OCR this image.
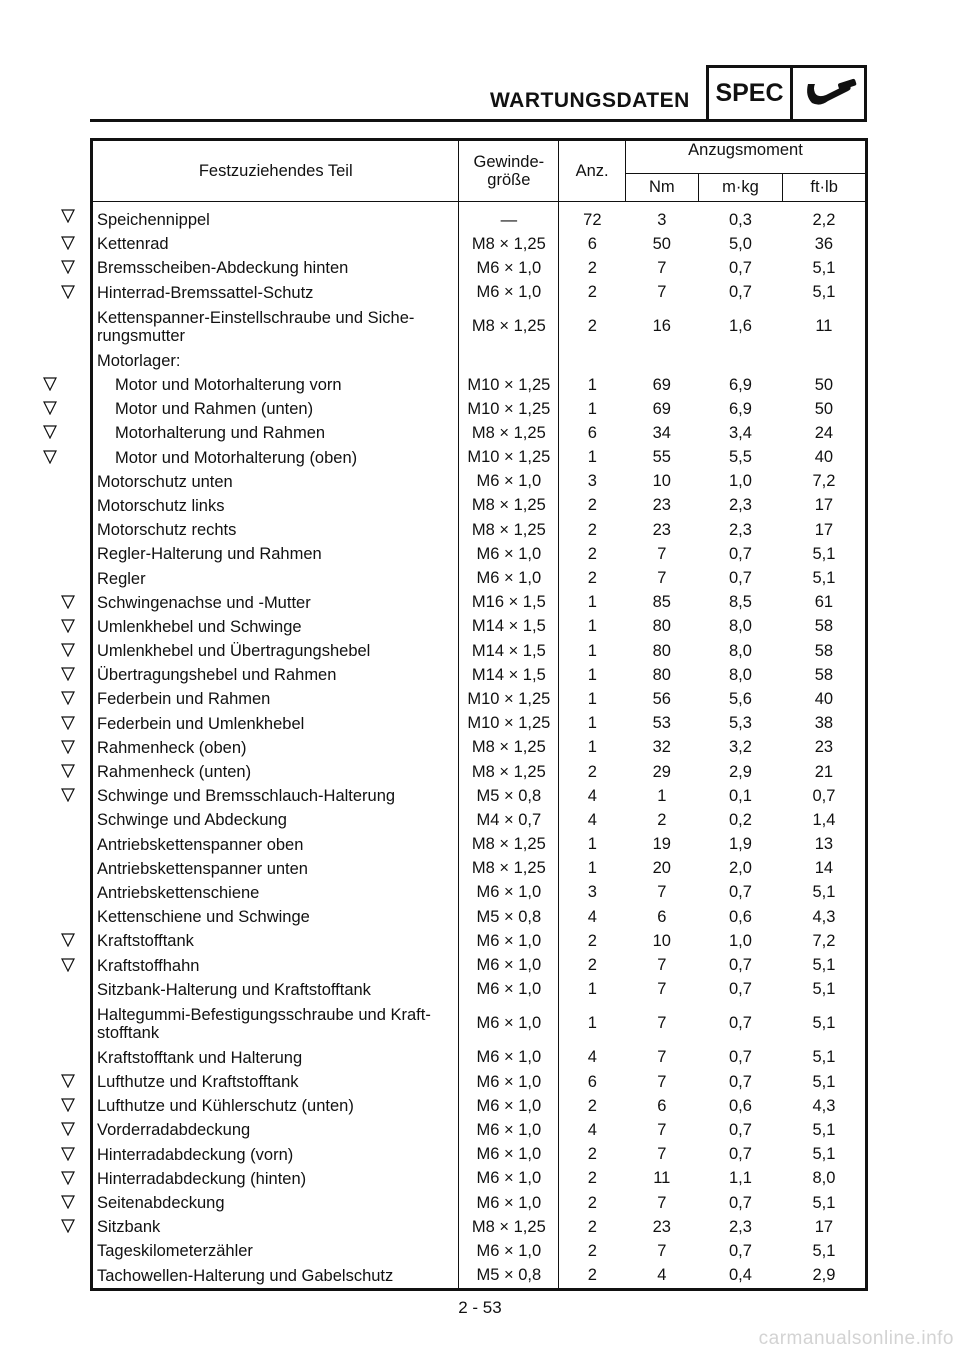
WARTUNGSDATEN SPEC
Festzuziehendes Teil	Gewinde-
größe	Anz.	Anzugsmoment		
			Nm	m·kg	ft·lb

Speichennippel	—	72	3	0,3	2,2

Kettenrad	M8 × 1,25	6	50	5,0	36

Bremsscheiben-Abdeckung hinten	M6 × 1,0	2	7	0,7	5,1

Hinterrad-Bremssattel-Schutz	M6 × 1,0	2	7	0,7	5,1
Kettenspanner-Einstellschraube und Siche-
rungsmutter	M8 × 1,25	2	16	1,6	11
Motorlager:					

Motor und Motorhalterung vorn	M10 × 1,25	1	69	6,9	50

Motor und Rahmen (unten)	M10 × 1,25	1	69	6,9	50

Motorhalterung und Rahmen	M8 × 1,25	6	34	3,4	24

Motor und Motorhalterung (oben)	M10 × 1,25	1	55	5,5	40
Motorschutz unten	M6 × 1,0	3	10	1,0	7,2
Motorschutz links	M8 × 1,25	2	23	2,3	17
Motorschutz rechts	M8 × 1,25	2	23	2,3	17
Regler-Halterung und Rahmen	M6 × 1,0	2	7	0,7	5,1
Regler	M6 × 1,0	2	7	0,7	5,1

Schwingenachse und -Mutter	M16 × 1,5	1	85	8,5	61

Umlenkhebel und Schwinge	M14 × 1,5	1	80	8,0	58

Umlenkhebel und Übertragungshebel	M14 × 1,5	1	80	8,0	58

Übertragungshebel und Rahmen	M14 × 1,5	1	80	8,0	58

Federbein und Rahmen	M10 × 1,25	1	56	5,6	40

Federbein und Umlenkhebel	M10 × 1,25	1	53	5,3	38

Rahmenheck (oben)	M8 × 1,25	1	32	3,2	23

Rahmenheck (unten)	M8 × 1,25	2	29	2,9	21

Schwinge und Bremsschlauch-Halterung	M5 × 0,8	4	1	0,1	0,7
Schwinge und Abdeckung	M4 × 0,7	4	2	0,2	1,4
Antriebskettenspanner oben	M8 × 1,25	1	19	1,9	13
Antriebskettenspanner unten	M8 × 1,25	1	20	2,0	14
Antriebskettenschiene	M6 × 1,0	3	7	0,7	5,1
Kettenschiene und Schwinge	M5 × 0,8	4	6	0,6	4,3

Kraftstofftank	M6 × 1,0	2	10	1,0	7,2

Kraftstoffhahn	M6 × 1,0	2	7	0,7	5,1
Sitzbank-Halterung und Kraftstofftank	M6 × 1,0	1	7	0,7	5,1
Haltegummi-Befestigungsschraube und Kraft-
stofftank	M6 × 1,0	1	7	0,7	5,1
Kraftstofftank und Halterung	M6 × 1,0	4	7	0,7	5,1

Lufthutze und Kraftstofftank	M6 × 1,0	6	7	0,7	5,1

Lufthutze und Kühlerschutz (unten)	M6 × 1,0	2	6	0,6	4,3

Vorderradabdeckung	M6 × 1,0	4	7	0,7	5,1

Hinterradabdeckung (vorn)	M6 × 1,0	2	7	0,7	5,1

Hinterradabdeckung (hinten)	M6 × 1,0	2	11	1,1	8,0

Seitenabdeckung	M6 × 1,0	2	7	0,7	5,1

Sitzbank	M8 × 1,25	2	23	2,3	17
Tageskilometerzähler	M6 × 1,0	2	7	0,7	5,1
Tachowellen-Halterung und Gabelschutz	M5 × 0,8	2	4	0,4	2,9
2 - 53
carmanualsonline.info
